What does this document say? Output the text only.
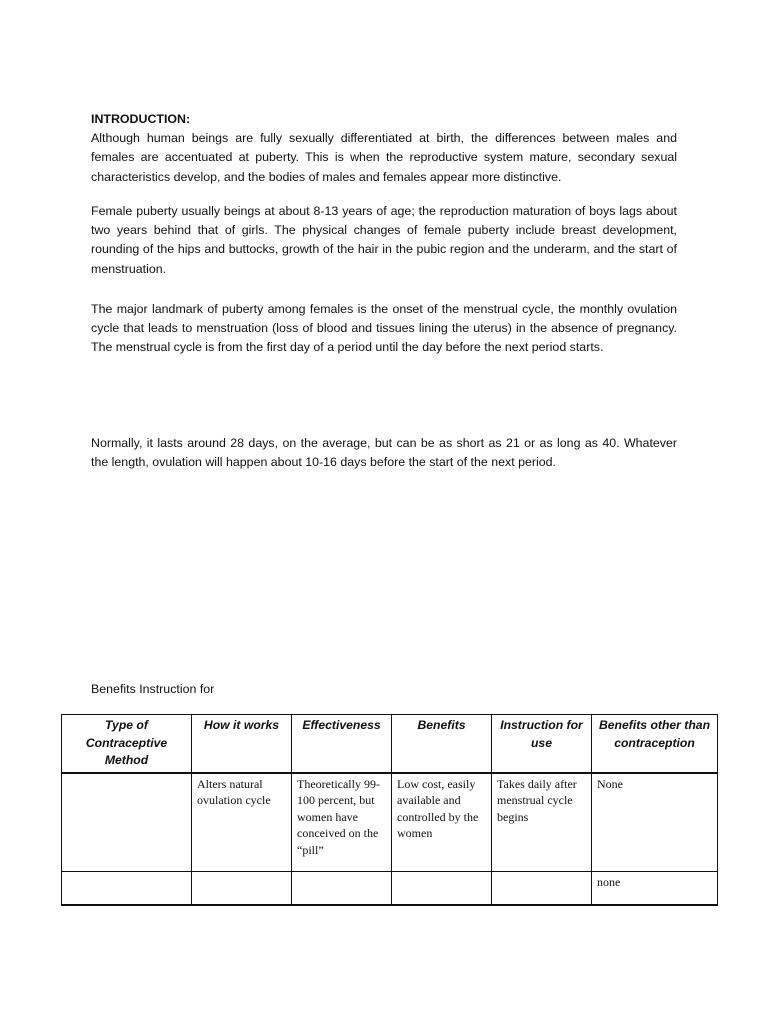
INTRODUCTION:

Although human beings are fully sexually differentiated at birth, the differences between males and females are accentuated at puberty. This is when the reproductive system mature, secondary sexual characteristics develop, and the bodies of males and females appear more distinctive.

Female puberty usually beings at about 8-13 years of age; the reproduction maturation of boys lags about two years behind that of girls. The physical changes of female puberty include breast development, rounding of the hips and buttocks, growth of the hair in the pubic region and the underarm, and the start of menstruation.

The major landmark of puberty among females is the onset of the menstrual cycle, the monthly ovulation cycle that leads to menstruation (loss of blood and tissues lining the uterus) in the absence of pregnancy. The menstrual cycle is from the first day of a period until the day before the next period starts.

Normally, it lasts around 28 days, on the average, but can be as short as 21 or as long as 40. Whatever the length, ovulation will happen about 10-16 days before the start of the next period.

Benefits Instruction for
Type of Contraceptive Method	How it works	Effectiveness	Benefits	Instruction for use	Benefits other than contraception
	Alters natural ovulation cycle	Theoretically 99-100 percent, but women have conceived on the “pill”	Low cost, easily available and controlled by the women	Takes daily after menstrual cycle begins	None
					none
